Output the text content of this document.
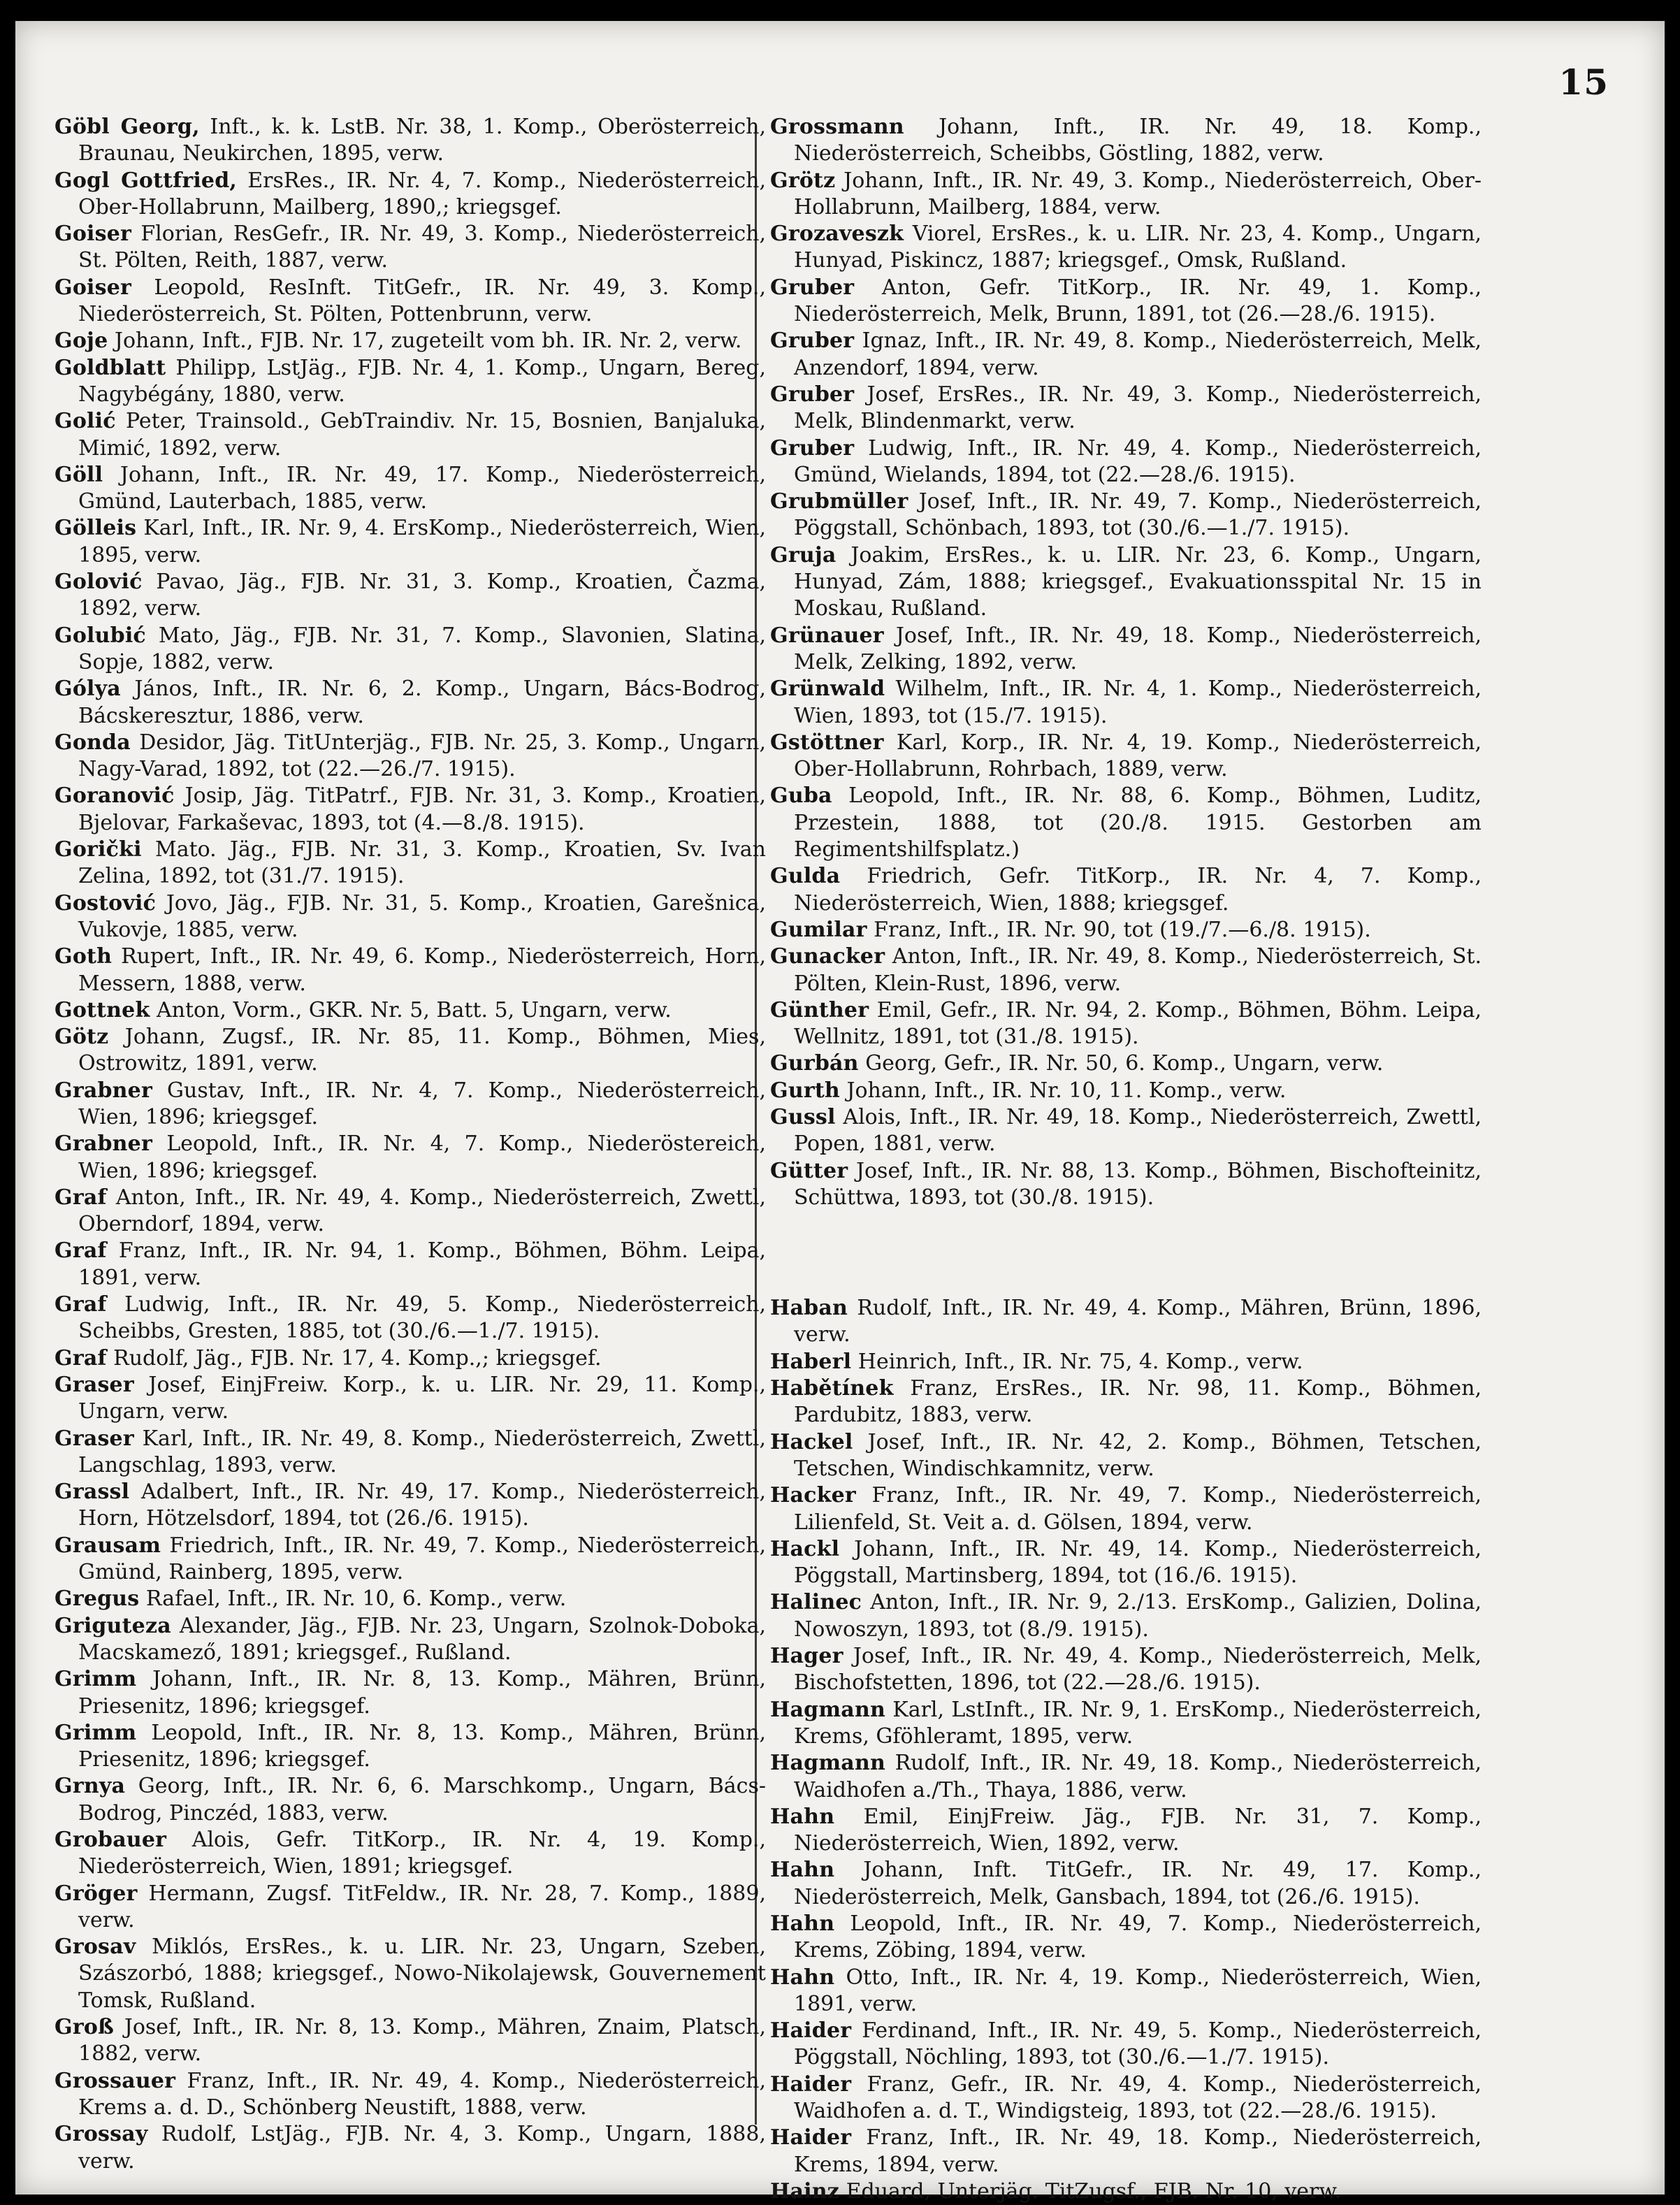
15
Göbl Georg, Inft., k. k. LstB. Nr. 38, 1. Komp., Oberösterreich, Braunau, Neukirchen, 1895, verw.
Gogl Gottfried, ErsRes., IR. Nr. 4, 7. Komp., Niederösterreich, Ober-Hollabrunn, Mailberg, 1890,; kriegsgef.
Goiser Florian, ResGefr., IR. Nr. 49, 3. Komp., Niederösterreich, St. Pölten, Reith, 1887, verw.
Goiser Leopold, ResInft. TitGefr., IR. Nr. 49, 3. Komp., Niederösterreich, St. Pölten, Pottenbrunn, verw.
Goje Johann, Inft., FJB. Nr. 17, zugeteilt vom bh. IR. Nr. 2, verw.
Goldblatt Philipp, LstJäg., FJB. Nr. 4, 1. Komp., Ungarn, Bereg, Nagybégány, 1880, verw.
Golić Peter, Trainsold., GebTraindiv. Nr. 15, Bosnien, Banjaluka, Mimić, 1892, verw.
Göll Johann, Inft., IR. Nr. 49, 17. Komp., Niederösterreich, Gmünd, Lauterbach, 1885, verw.
Gölleis Karl, Inft., IR. Nr. 9, 4. ErsKomp., Niederösterreich, Wien, 1895, verw.
Golović Pavao, Jäg., FJB. Nr. 31, 3. Komp., Kroatien, Čazma, 1892, verw.
Golubić Mato, Jäg., FJB. Nr. 31, 7. Komp., Slavonien, Slatina, Sopje, 1882, verw.
Gólya János, Inft., IR. Nr. 6, 2. Komp., Ungarn, Bács-Bodrog, Bácskeresztur, 1886, verw.
Gonda Desidor, Jäg. TitUnterjäg., FJB. Nr. 25, 3. Komp., Ungarn, Nagy-Varad, 1892, tot (22.—26./7. 1915).
Goranović Josip, Jäg. TitPatrf., FJB. Nr. 31, 3. Komp., Kroatien, Bjelovar, Farkaševac, 1893, tot (4.—8./8. 1915).
Gorički Mato. Jäg., FJB. Nr. 31, 3. Komp., Kroatien, Sv. Ivan Zelina, 1892, tot (31./7. 1915).
Gostović Jovo, Jäg., FJB. Nr. 31, 5. Komp., Kroatien, Garešnica, Vukovje, 1885, verw.
Goth Rupert, Inft., IR. Nr. 49, 6. Komp., Niederösterreich, Horn, Messern, 1888, verw.
Gottnek Anton, Vorm., GKR. Nr. 5, Batt. 5, Ungarn, verw.
Götz Johann, Zugsf., IR. Nr. 85, 11. Komp., Böhmen, Mies, Ostrowitz, 1891, verw.
Grabner Gustav, Inft., IR. Nr. 4, 7. Komp., Niederösterreich, Wien, 1896; kriegsgef.
Grabner Leopold, Inft., IR. Nr. 4, 7. Komp., Niederöstereich, Wien, 1896; kriegsgef.
Graf Anton, Inft., IR. Nr. 49, 4. Komp., Niederösterreich, Zwettl, Oberndorf, 1894, verw.
Graf Franz, Inft., IR. Nr. 94, 1. Komp., Böhmen, Böhm. Leipa, 1891, verw.
Graf Ludwig, Inft., IR. Nr. 49, 5. Komp., Niederösterreich, Scheibbs, Gresten, 1885, tot (30./6.—1./7. 1915).
Graf Rudolf, Jäg., FJB. Nr. 17, 4. Komp.,; kriegsgef.
Graser Josef, EinjFreiw. Korp., k. u. LIR. Nr. 29, 11. Komp., Ungarn, verw.
Graser Karl, Inft., IR. Nr. 49, 8. Komp., Niederösterreich, Zwettl, Langschlag, 1893, verw.
Grassl Adalbert, Inft., IR. Nr. 49, 17. Komp., Niederösterreich, Horn, Hötzelsdorf, 1894, tot (26./6. 1915).
Grausam Friedrich, Inft., IR. Nr. 49, 7. Komp., Niederösterreich, Gmünd, Rainberg, 1895, verw.
Gregus Rafael, Inft., IR. Nr. 10, 6. Komp., verw.
Griguteza Alexander, Jäg., FJB. Nr. 23, Ungarn, Szolnok-Doboka, Macskamező, 1891; kriegsgef., Rußland.
Grimm Johann, Inft., IR. Nr. 8, 13. Komp., Mähren, Brünn, Priesenitz, 1896; kriegsgef.
Grimm Leopold, Inft., IR. Nr. 8, 13. Komp., Mähren, Brünn, Priesenitz, 1896; kriegsgef.
Grnya Georg, Inft., IR. Nr. 6, 6. Marschkomp., Ungarn, Bács-Bodrog, Pinczéd, 1883, verw.
Grobauer Alois, Gefr. TitKorp., IR. Nr. 4, 19. Komp., Niederösterreich, Wien, 1891; kriegsgef.
Gröger Hermann, Zugsf. TitFeldw., IR. Nr. 28, 7. Komp., 1889, verw.
Grosav Miklós, ErsRes., k. u. LIR. Nr. 23, Ungarn, Szeben, Szászorbó, 1888; kriegsgef., Nowo-Nikolajewsk, Gouvernement Tomsk, Rußland.
Groß Josef, Inft., IR. Nr. 8, 13. Komp., Mähren, Znaim, Platsch, 1882, verw.
Grossauer Franz, Inft., IR. Nr. 49, 4. Komp., Niederösterreich, Krems a. d. D., Schönberg Neustift, 1888, verw.
Grossay Rudolf, LstJäg., FJB. Nr. 4, 3. Komp., Ungarn, 1888, verw.
Grossmann Johann, Inft., IR. Nr. 49, 18. Komp., Niederösterreich, Scheibbs, Göstling, 1882, verw.
Grötz Johann, Inft., IR. Nr. 49, 3. Komp., Niederösterreich, Ober-Hollabrunn, Mailberg, 1884, verw.
Grozaveszk Viorel, ErsRes., k. u. LIR. Nr. 23, 4. Komp., Ungarn, Hunyad, Piskincz, 1887; kriegsgef., Omsk, Rußland.
Gruber Anton, Gefr. TitKorp., IR. Nr. 49, 1. Komp., Niederösterreich, Melk, Brunn, 1891, tot (26.—28./6. 1915).
Gruber Ignaz, Inft., IR. Nr. 49, 8. Komp., Niederösterreich, Melk, Anzendorf, 1894, verw.
Gruber Josef, ErsRes., IR. Nr. 49, 3. Komp., Niederösterreich, Melk, Blindenmarkt, verw.
Gruber Ludwig, Inft., IR. Nr. 49, 4. Komp., Niederösterreich, Gmünd, Wielands, 1894, tot (22.—28./6. 1915).
Grubmüller Josef, Inft., IR. Nr. 49, 7. Komp., Niederösterreich, Pöggstall, Schönbach, 1893, tot (30./6.—1./7. 1915).
Gruja Joakim, ErsRes., k. u. LIR. Nr. 23, 6. Komp., Ungarn, Hunyad, Zám, 1888; kriegsgef., Evakuationsspital Nr. 15 in Moskau, Rußland.
Grünauer Josef, Inft., IR. Nr. 49, 18. Komp., Niederösterreich, Melk, Zelking, 1892, verw.
Grünwald Wilhelm, Inft., IR. Nr. 4, 1. Komp., Niederösterreich, Wien, 1893, tot (15./7. 1915).
Gstöttner Karl, Korp., IR. Nr. 4, 19. Komp., Niederösterreich, Ober-Hollabrunn, Rohrbach, 1889, verw.
Guba Leopold, Inft., IR. Nr. 88, 6. Komp., Böhmen, Luditz, Przestein, 1888, tot (20./8. 1915. Gestorben am Regimentshilfsplatz.)
Gulda Friedrich, Gefr. TitKorp., IR. Nr. 4, 7. Komp., Niederösterreich, Wien, 1888; kriegsgef.
Gumilar Franz, Inft., IR. Nr. 90, tot (19./7.—6./8. 1915).
Gunacker Anton, Inft., IR. Nr. 49, 8. Komp., Niederösterreich, St. Pölten, Klein-Rust, 1896, verw.
Günther Emil, Gefr., IR. Nr. 94, 2. Komp., Böhmen, Böhm. Leipa, Wellnitz, 1891, tot (31./8. 1915).
Gurbán Georg, Gefr., IR. Nr. 50, 6. Komp., Ungarn, verw.
Gurth Johann, Inft., IR. Nr. 10, 11. Komp., verw.
Gussl Alois, Inft., IR. Nr. 49, 18. Komp., Niederösterreich, Zwettl, Popen, 1881, verw.
Gütter Josef, Inft., IR. Nr. 88, 13. Komp., Böhmen, Bischofteinitz, Schüttwa, 1893, tot (30./8. 1915).
Haban Rudolf, Inft., IR. Nr. 49, 4. Komp., Mähren, Brünn, 1896, verw.
Haberl Heinrich, Inft., IR. Nr. 75, 4. Komp., verw.
Habětínek Franz, ErsRes., IR. Nr. 98, 11. Komp., Böhmen, Pardubitz, 1883, verw.
Hackel Josef, Inft., IR. Nr. 42, 2. Komp., Böhmen, Tetschen, Tetschen, Windischkamnitz, verw.
Hacker Franz, Inft., IR. Nr. 49, 7. Komp., Niederösterreich, Lilienfeld, St. Veit a. d. Gölsen, 1894, verw.
Hackl Johann, Inft., IR. Nr. 49, 14. Komp., Niederösterreich, Pöggstall, Martinsberg, 1894, tot (16./6. 1915).
Halinec Anton, Inft., IR. Nr. 9, 2./13. ErsKomp., Galizien, Dolina, Nowoszyn, 1893, tot (8./9. 1915).
Hager Josef, Inft., IR. Nr. 49, 4. Komp., Niederösterreich, Melk, Bischofstetten, 1896, tot (22.—28./6. 1915).
Hagmann Karl, LstInft., IR. Nr. 9, 1. ErsKomp., Niederösterreich, Krems, Gföhleramt, 1895, verw.
Hagmann Rudolf, Inft., IR. Nr. 49, 18. Komp., Niederösterreich, Waidhofen a./Th., Thaya, 1886, verw.
Hahn Emil, EinjFreiw. Jäg., FJB. Nr. 31, 7. Komp., Niederösterreich, Wien, 1892, verw.
Hahn Johann, Inft. TitGefr., IR. Nr. 49, 17. Komp., Niederösterreich, Melk, Gansbach, 1894, tot (26./6. 1915).
Hahn Leopold, Inft., IR. Nr. 49, 7. Komp., Niederösterreich, Krems, Zöbing, 1894, verw.
Hahn Otto, Inft., IR. Nr. 4, 19. Komp., Niederösterreich, Wien, 1891, verw.
Haider Ferdinand, Inft., IR. Nr. 49, 5. Komp., Niederösterreich, Pöggstall, Nöchling, 1893, tot (30./6.—1./7. 1915).
Haider Franz, Gefr., IR. Nr. 49, 4. Komp., Niederösterreich, Waidhofen a. d. T., Windigsteig, 1893, tot (22.—28./6. 1915).
Haider Franz, Inft., IR. Nr. 49, 18. Komp., Niederösterreich, Krems, 1894, verw.
Hainz Eduard, Unterjäg. TitZugsf., FJB. Nr. 10, verw.
